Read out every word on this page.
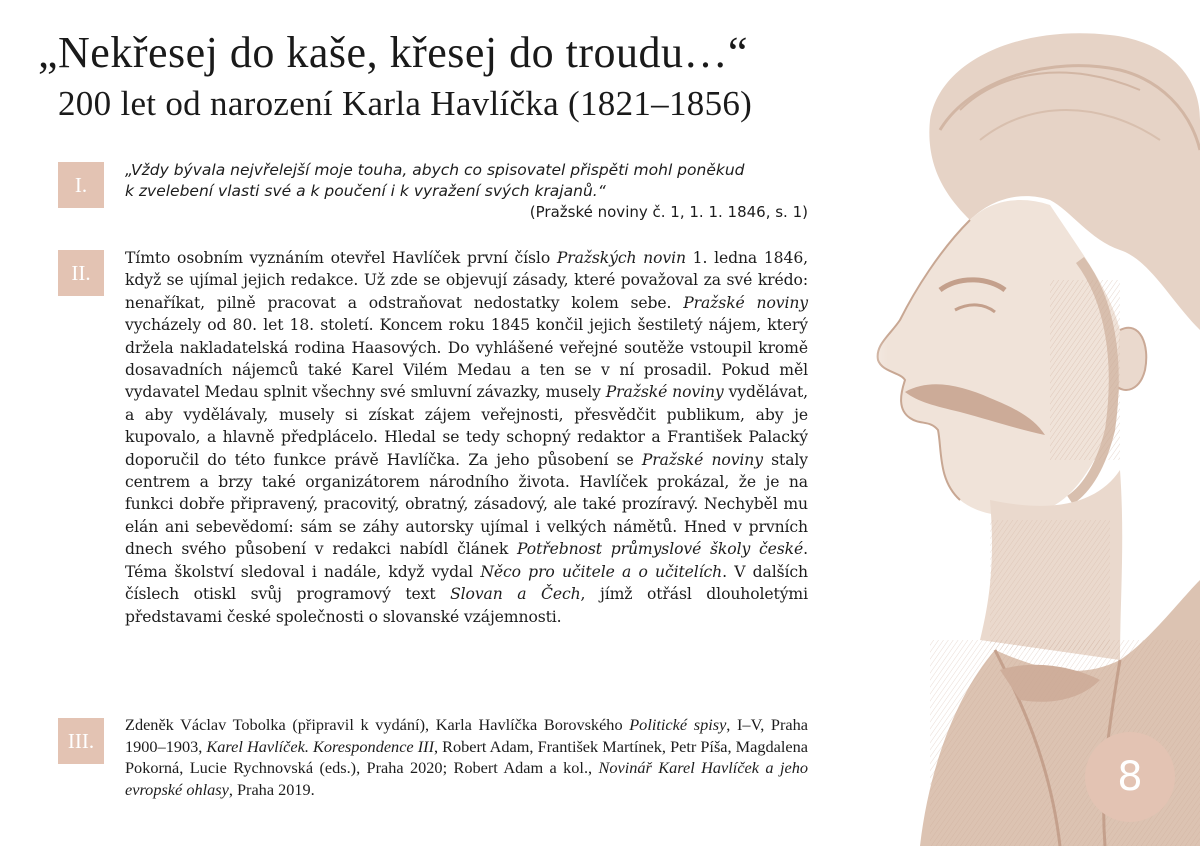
„Nekřesej do kaše, křesej do troudu…“
200 let od narození Karla Havlíčka (1821–1856)
I.
„Vždy bývala nejvřelejší moje touha, abych co spisovatel přispěti mohl poněkud
k zvelebení vlasti své a k poučení i k vyražení svých krajanů.“
(Pražské noviny č. 1, 1. 1. 1846, s. 1)
II.
Tímto osobním vyznáním otevřel Havlíček první číslo Pražských novin 1. ledna 1846, když se ujímal jejich redakce. Už zde se objevují zásady, které považoval za své krédo: nenaříkat, pilně pracovat a odstraňovat nedostatky kolem sebe. Pražské noviny vycházely od 80. let 18. století. Koncem roku 1845 končil jejich šestiletý nájem, který držela nakladatelská rodina Haasových. Do vyhlášené veřejné soutěže vstoupil kromě dosavadních nájemců také Karel Vilém Medau a ten se v ní prosadil. Pokud měl vydavatel Medau splnit všechny své smluvní závazky, musely Pražské noviny vydělávat, a aby vydělávaly, musely si získat zájem veřejnosti, přesvědčit publikum, aby je kupovalo, a hlavně předplácelo. Hledal se tedy schopný redaktor a František Palacký doporučil do této funkce právě Havlíčka. Za jeho působení se Pražské noviny staly centrem a brzy také organizátorem národního života. Havlíček prokázal, že je na funkci dobře připravený, pracovitý, obratný, zásadový, ale také prozíravý. Nechyběl mu elán ani sebevědomí: sám se záhy autorsky ujímal i velkých námětů. Hned v prvních dnech svého působení v redakci nabídl článek Potřebnost průmyslové školy české. Téma školství sledoval i nadále, když vydal Něco pro učitele a o učitelích. V dalších číslech otiskl svůj programový text Slovan a Čech, jímž otřásl dlouholetými představami české společnosti o slovanské vzájemnosti.
III.
Zdeněk Václav Tobolka (připravil k vydání), Karla Havlíčka Borovského Politické spisy, I–V, Praha 1900–1903, Karel Havlíček. Korespondence III, Robert Adam, František Martínek, Petr Píša, Magdalena Pokorná, Lucie Rychnovská (eds.), Praha 2020; Robert Adam a kol., Novinář Karel Havlíček a jeho evropské ohlasy, Praha 2019.	8
